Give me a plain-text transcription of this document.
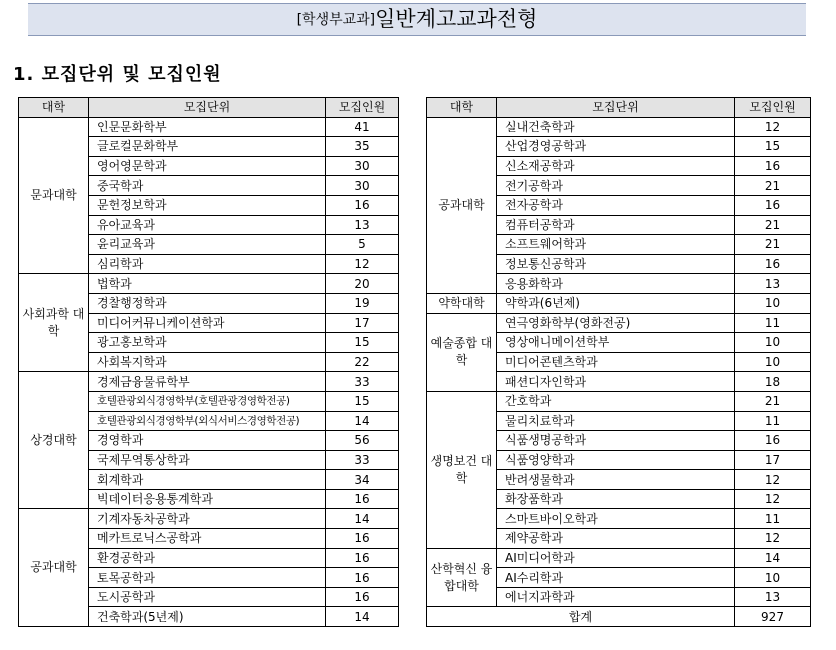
[학생부교과]일반계고교과전형
1. 모집단위 및 모집인원
대학	모집단위	모집인원
문과대학	인문문화학부	41
	글로컬문화학부	35
	영어영문학과	30
	중국학과	30
	문헌정보학과	16
	유아교육과	13
	윤리교육과	5
	심리학과	12
사회과학 대학	법학과	20
	경찰행정학과	19
	미디어커뮤니케이션학과	17
	광고홍보학과	15
	사회복지학과	22
상경대학	경제금융물류학부	33
	호텔관광외식경영학부(호텔관광경영학전공)	15
	호텔관광외식경영학부(외식서비스경영학전공)	14
	경영학과	56
	국제무역통상학과	33
	회계학과	34
	빅데이터응용통계학과	16
공과대학	기계자동차공학과	14
	메카트로닉스공학과	16
	환경공학과	16
	토목공학과	16
	도시공학과	16
	건축학과(5년제)	14
대학	모집단위	모집인원
공과대학	실내건축학과	12
	산업경영공학과	15
	신소재공학과	16
	전기공학과	21
	전자공학과	16
	컴퓨터공학과	21
	소프트웨어학과	21
	정보통신공학과	16
	응용화학과	13
약학대학	약학과(6년제)	10
예술종합 대학	연극영화학부(영화전공)	11
	영상애니메이션학부	10
	미디어콘텐츠학과	10
	패션디자인학과	18
생명보건 대학	간호학과	21
	물리치료학과	11
	식품생명공학과	16
	식품영양학과	17
	반려생물학과	12
	화장품학과	12
	스마트바이오학과	11
	제약공학과	12
산학혁신 융합대학	AI미디어학과	14
	AI수리학과	10
	에너지과학과	13
합계		927
